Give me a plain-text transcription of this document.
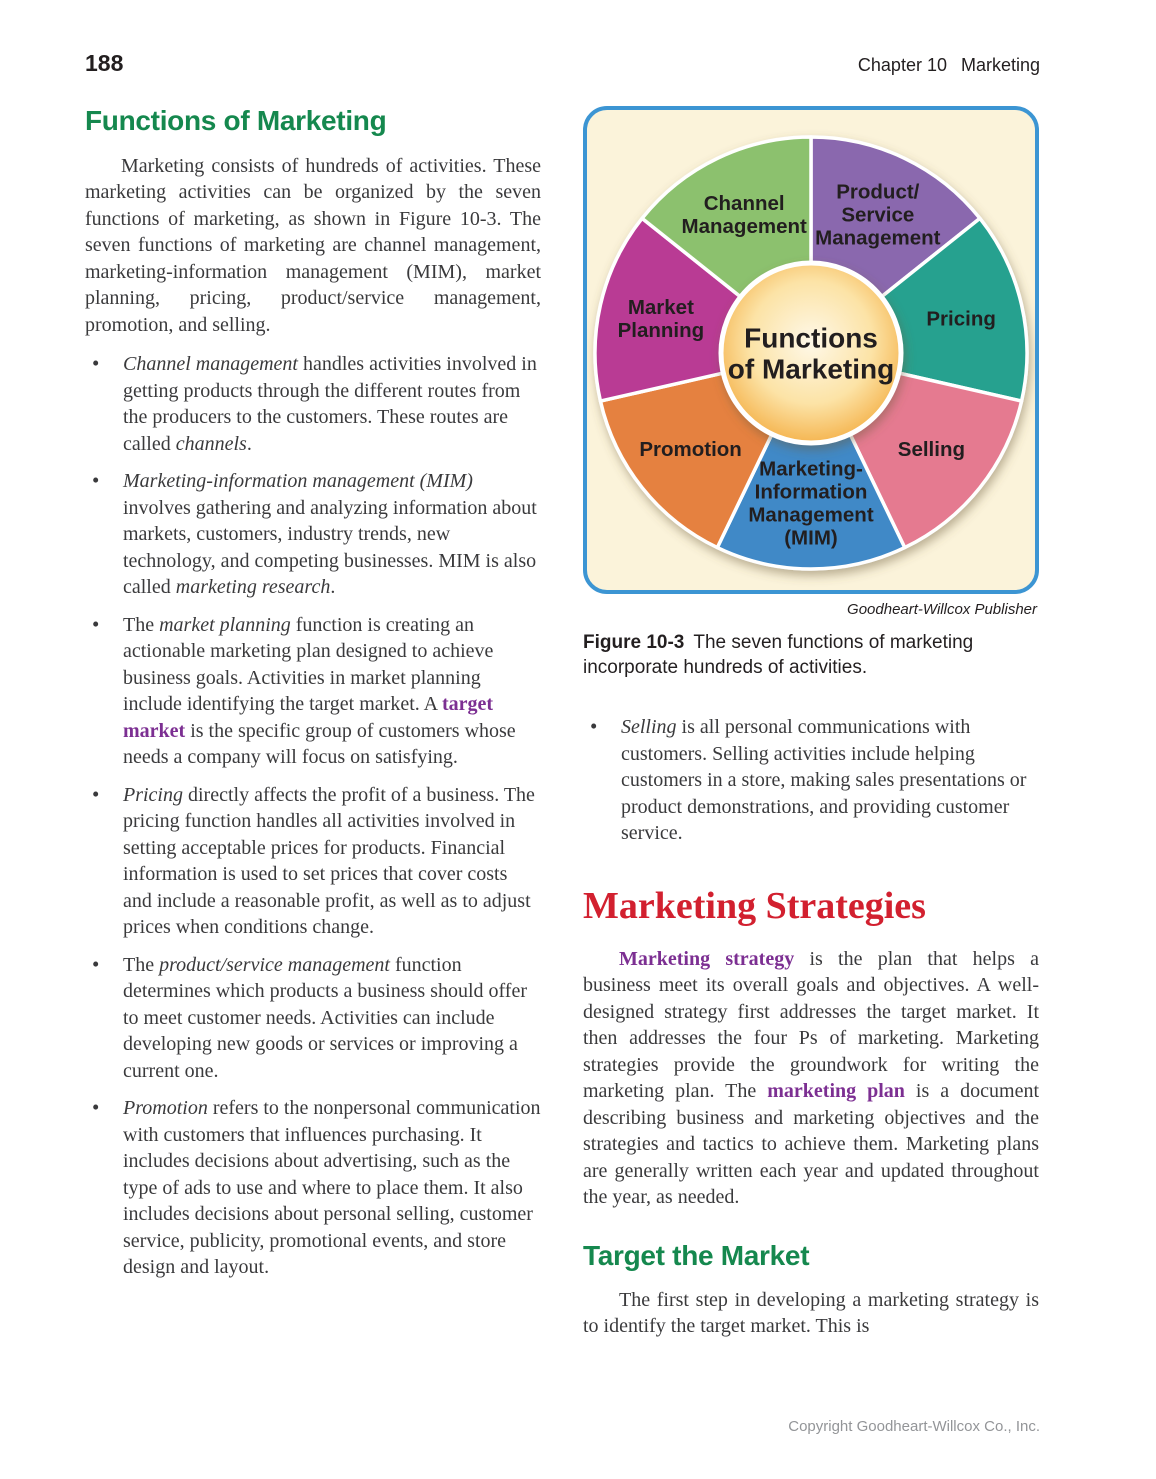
188	Chapter 10 Marketing
Functions of Marketing

Marketing consists of hundreds of activities. These marketing activities can be organized by the seven functions of marketing, as shown in Figure 10-3. The seven functions of marketing are channel management, marketing-information management (MIM), market planning, pricing, product/service management, promotion, and selling.

• Channel management handles activities involved in getting products through the different routes from the producers to the customers. These routes are called channels.
• Marketing-information management (MIM) involves gathering and analyzing information about markets, customers, industry trends, new technology, and competing businesses. MIM is also called marketing research.
• The market planning function is creating an actionable marketing plan designed to achieve business goals. Activities in market planning include identifying the target market. A target market is the specific group of customers whose needs a company will focus on satisfying.
• Pricing directly affects the profit of a business. The pricing function handles all activities involved in setting acceptable prices for products. Financial information is used to set prices that cover costs and include a reasonable profit, as well as to adjust prices when conditions change.
• The product/service management function determines which products a business should offer to meet customer needs. Activities can include developing new goods or services or improving a current one.
• Promotion refers to the nonpersonal communication with customers that influences purchasing. It includes decisions about advertising, such as the type of ads to use and where to place them. It also includes decisions about personal selling, customer service, publicity, promotional events, and store design and layout.
Product/
Service
Management
Pricing
Selling
Marketing-
Information
Management
(MIM)
Promotion
Market
Planning
Channel
Management
Functions
of Marketing
Goodheart-Willcox Publisher
Figure 10-3 The seven functions of marketing incorporate hundreds of activities.
• Selling is all personal communications with customers. Selling activities include helping customers in a store, making sales presentations or product demonstrations, and providing customer service.
Marketing Strategies

Marketing strategy is the plan that helps a business meet its overall goals and objectives. A well-designed strategy first addresses the target market. It then addresses the four Ps of marketing. Marketing strategies provide the groundwork for writing the marketing plan. The marketing plan is a document describing business and marketing objectives and the strategies and tactics to achieve them. Marketing plans are generally written each year and updated throughout the year, as needed.

Target the Market

The first step in developing a marketing strategy is to identify the target market. This is

Copyright Goodheart-Willcox Co., Inc.
